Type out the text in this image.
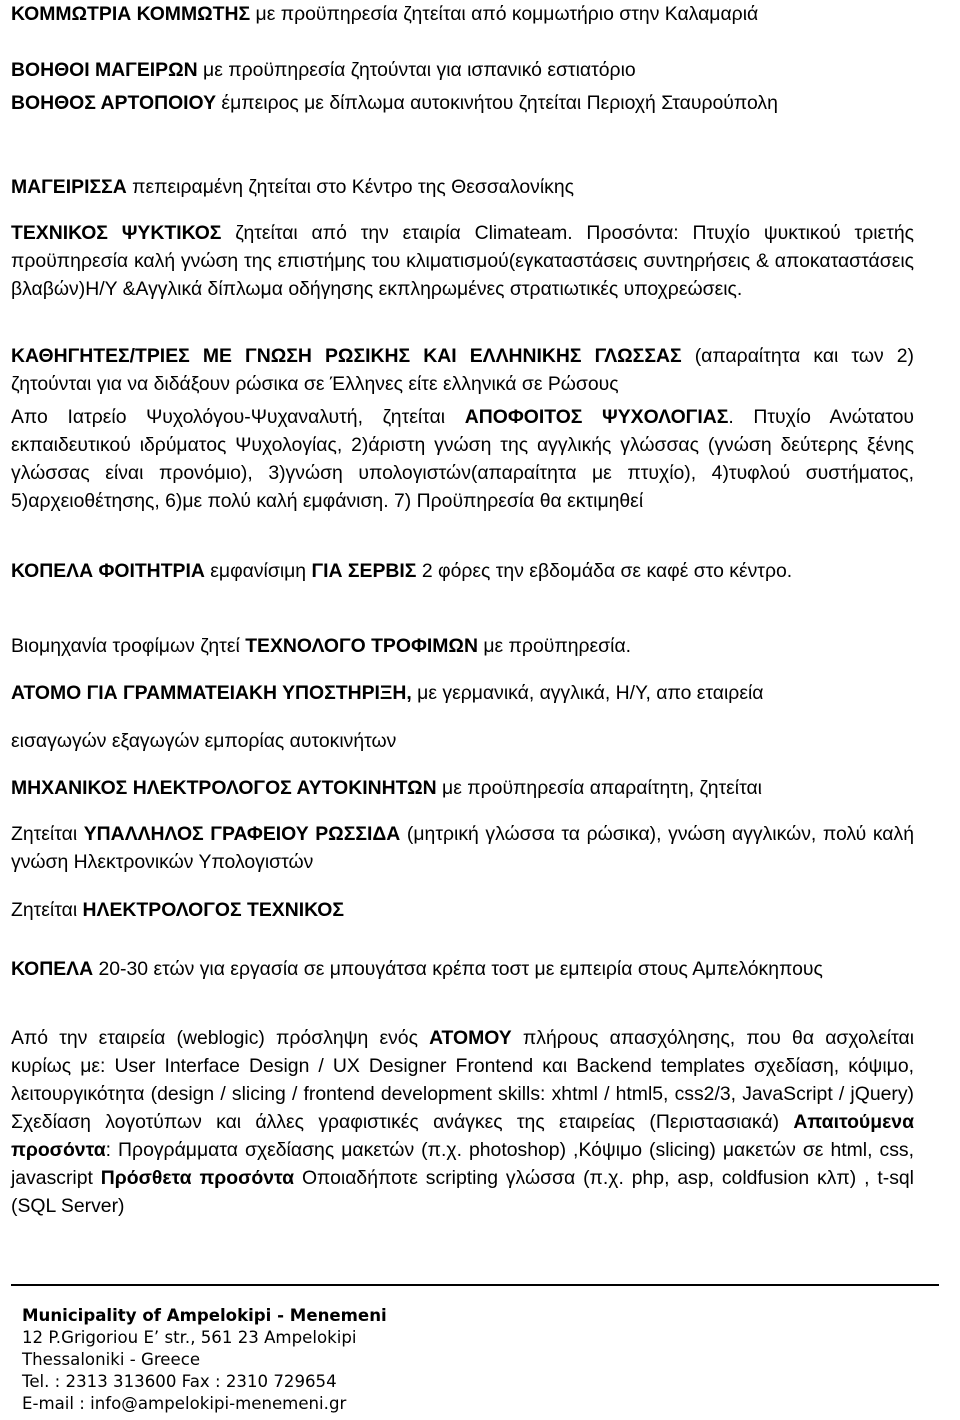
ΚΟΜΜΩΤΡΙΑ ΚΟΜΜΩΤΗΣ με προϋπηρεσία ζητείται από κομμωτήριο στην Καλαμαριά

ΒΟΗΘΟΙ ΜΑΓΕΙΡΩΝ με προϋπηρεσία ζητούνται για ισπανικό εστιατόριο

ΒΟΗΘΟΣ ΑΡΤΟΠΟΙΟΥ έμπειρος με δίπλωμα αυτοκινήτου ζητείται Περιοχή Σταυρούπολη

ΜΑΓΕΙΡΙΣΣΑ πεπειραμένη ζητείται στο Κέντρο της Θεσσαλονίκης

ΤΕΧΝΙΚΟΣ ΨΥΚΤΙΚΟΣ ζητείται από την εταιρία Climateam. Προσόντα: Πτυχίο ψυκτικού τριετής προϋπηρεσία καλή γνώση της επιστήμης του κλιματισμού(εγκαταστάσεις συντηρήσεις & αποκαταστάσεις βλαβών)Η/Υ &Αγγλικά δίπλωμα οδήγησης εκπληρωμένες στρατιωτικές υποχρεώσεις.

ΚΑΘΗΓΗΤΕΣ/ΤΡΙΕΣ ΜΕ ΓΝΩΣΗ ΡΩΣΙΚΗΣ ΚΑΙ ΕΛΛΗΝΙΚΗΣ ΓΛΩΣΣΑΣ (απαραίτητα και των 2) ζητούνται για να διδάξουν ρώσικα σε Έλληνες είτε ελληνικά σε Ρώσους

Απο Ιατρείο Ψυχολόγου-Ψυχαναλυτή, ζητείται ΑΠΟΦΟΙΤΟΣ ΨΥΧΟΛΟΓΙΑΣ. Πτυχίο Ανώτατου εκπαιδευτικού ιδρύματος Ψυχολογίας, 2)άριστη γνώση της αγγλικής γλώσσας (γνώση δεύτερης ξένης γλώσσας είναι προνόμιο), 3)γνώση υπολογιστών(απαραίτητα με πτυχίο), 4)τυφλού συστήματος, 5)αρχειοθέτησης, 6)με πολύ καλή εμφάνιση. 7) Προϋπηρεσία θα εκτιμηθεί

ΚΟΠΕΛΑ ΦΟΙΤΗΤΡΙΑ εμφανίσιμη ΓΙΑ ΣΕΡΒΙΣ 2 φόρες την εβδομάδα σε καφέ στο κέντρο.

Βιομηχανία τροφίμων ζητεί ΤΕΧΝΟΛΟΓΟ ΤΡΟΦΙΜΩΝ με προϋπηρεσία.

ΑΤΟΜΟ ΓΙΑ ΓΡΑΜΜΑΤΕΙΑΚΗ ΥΠΟΣΤΗΡΙΞΗ, με γερμανικά, αγγλικά, Η/Υ, απο εταιρεία

εισαγωγών εξαγωγών εμπορίας αυτοκινήτων

ΜΗΧΑΝΙΚΟΣ ΗΛΕΚΤΡΟΛΟΓΟΣ ΑΥΤΟΚΙΝΗΤΩΝ με προϋπηρεσία απαραίτητη, ζητείται

Ζητείται ΥΠΑΛΛΗΛΟΣ ΓΡΑΦΕΙΟΥ ΡΩΣΣΙΔΑ (μητρική γλώσσα τα ρώσικα), γνώση αγγλικών, πολύ καλή γνώση Ηλεκτρονικών Υπολογιστών

Ζητείται ΗΛΕΚΤΡΟΛΟΓΟΣ ΤΕΧΝΙΚΟΣ

ΚΟΠΕΛΑ 20-30 ετών για εργασία σε μπουγάτσα κρέπα τοστ με εμπειρία στους Αμπελόκηπους

Από την εταιρεία (weblogic) πρόσληψη ενός ΑΤΟΜΟΥ πλήρους απασχόλησης, που θα ασχολείται κυρίως με: User Interface Design / UX Designer Frontend και Backend templates σχεδίαση, κόψιμο, λειτουργικότητα (design / slicing / frontend development skills: xhtml / html5, css2/3, JavaScript / jQuery) Σχεδίαση λογοτύπων και άλλες γραφιστικές ανάγκες της εταιρείας (Περιστασιακά) Απαιτούμενα προσόντα: Προγράμματα σχεδίασης μακετών (π.χ. photoshop) ,Κόψιμο (slicing) μακετών σε html, css, javascript Πρόσθετα προσόντα Οποιαδήποτε scripting γλώσσα (π.χ. php, asp, coldfusion κλπ) , t-sql (SQL Server)

Municipality of Ampelokipi - Menemeni
12 P.Grigoriou E’ str., 561 23 Ampelokipi
Thessaloniki - Greece
Tel. : 2313 313600 Fax : 2310 729654
E-mail : info@ampelokipi-menemeni.gr
